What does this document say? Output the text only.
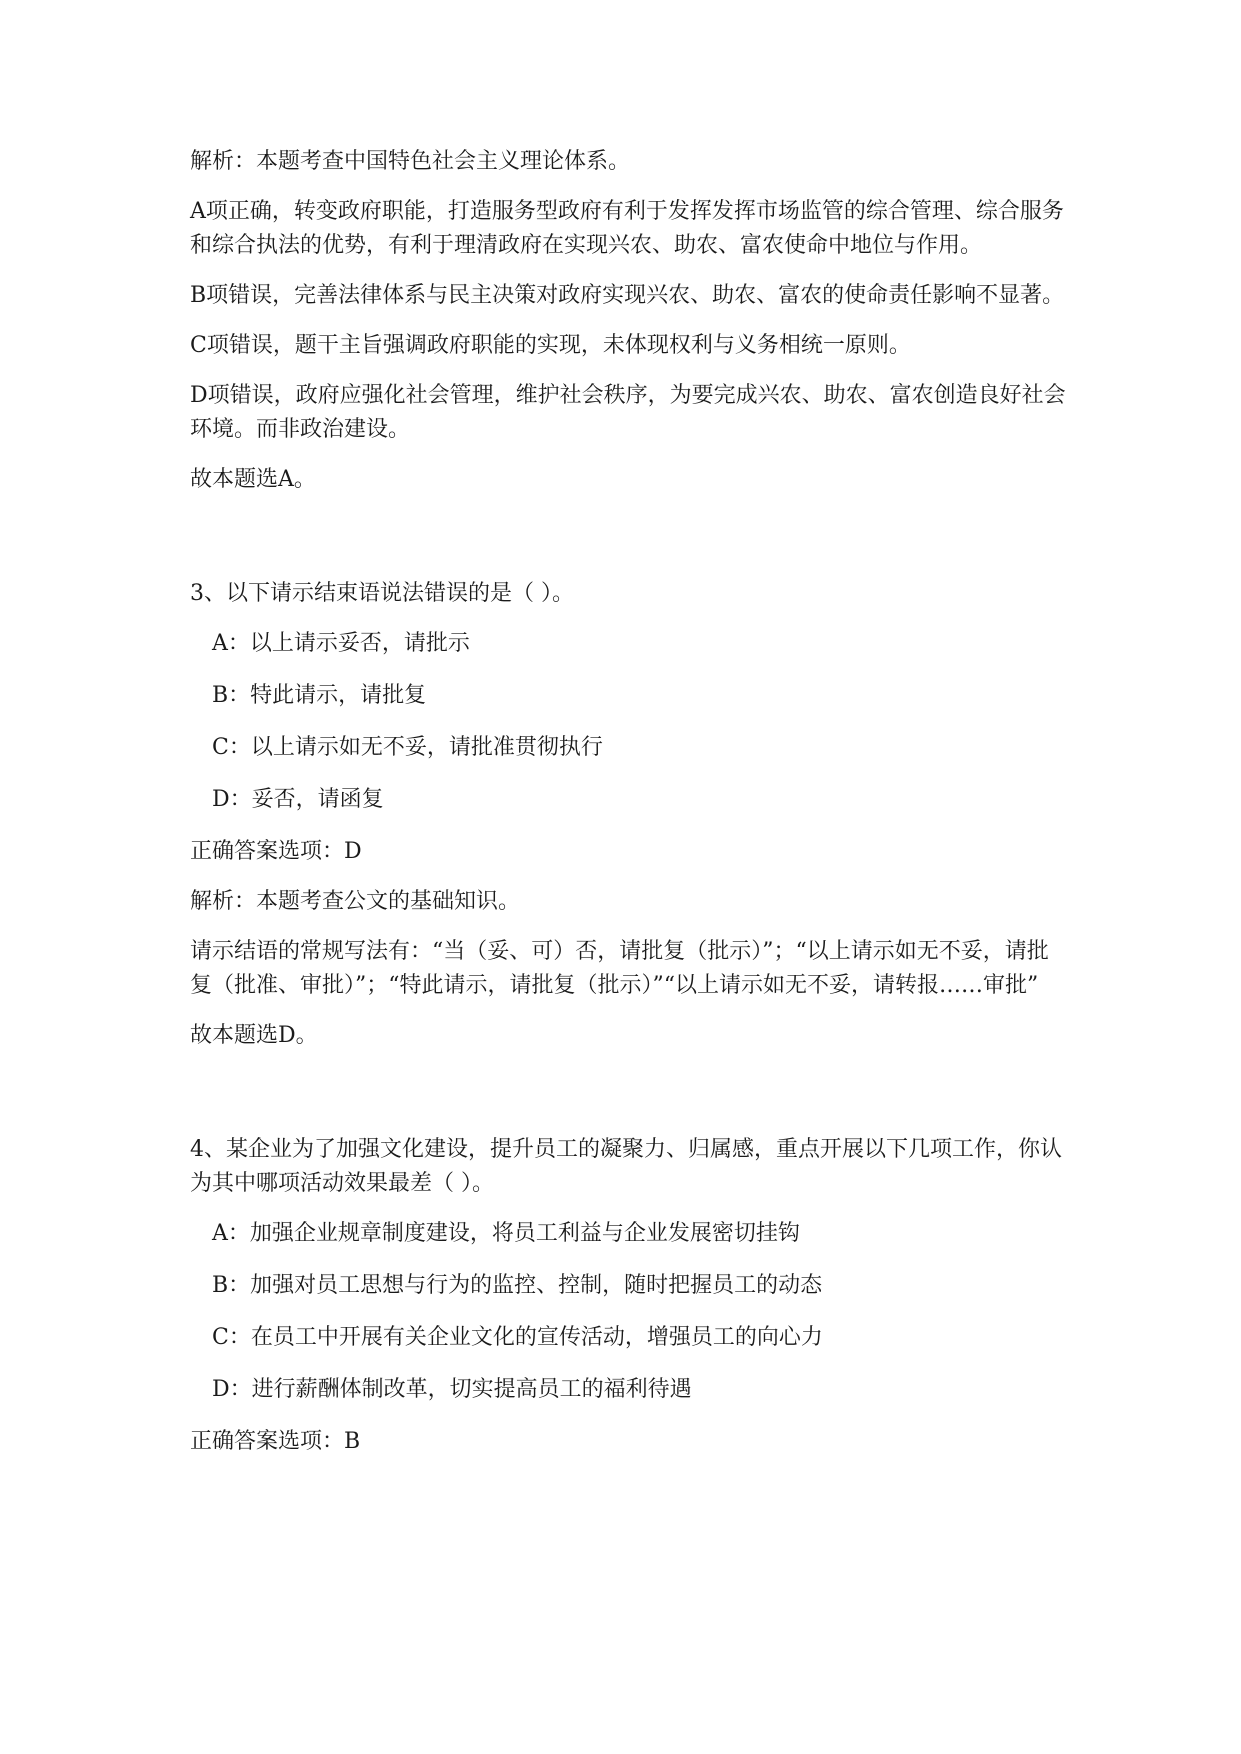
解析：本题考查中国特色社会主义理论体系。
A项正确，转变政府职能，打造服务型政府有利于发挥发挥市场监管的综合管理、综合服务和综合执法的优势，有利于理清政府在实现兴农、助农、富农使命中地位与作用。
B项错误，完善法律体系与民主决策对政府实现兴农、助农、富农的使命责任影响不显著。
C项错误，题干主旨强调政府职能的实现，未体现权利与义务相统一原则。
D项错误，政府应强化社会管理，维护社会秩序，为要完成兴农、助农、富农创造良好社会环境。而非政治建设。
故本题选A。
3、以下请示结束语说法错误的是（ ）。
A：以上请示妥否，请批示
B：特此请示，请批复
C：以上请示如无不妥，请批准贯彻执行
D：妥否，请函复
正确答案选项：D
解析：本题考查公文的基础知识。
请示结语的常规写法有：“当（妥、可）否，请批复（批示）”；“以上请示如无不妥，请批复（批准、审批）”；“特此请示，请批复（批示）”“以上请示如无不妥，请转报……审批”
故本题选D。
4、某企业为了加强文化建设，提升员工的凝聚力、归属感，重点开展以下几项工作，你认为其中哪项活动效果最差（ ）。
A：加强企业规章制度建设，将员工利益与企业发展密切挂钩
B：加强对员工思想与行为的监控、控制，随时把握员工的动态
C：在员工中开展有关企业文化的宣传活动，增强员工的向心力
D：进行薪酬体制改革，切实提高员工的福利待遇
正确答案选项：B
